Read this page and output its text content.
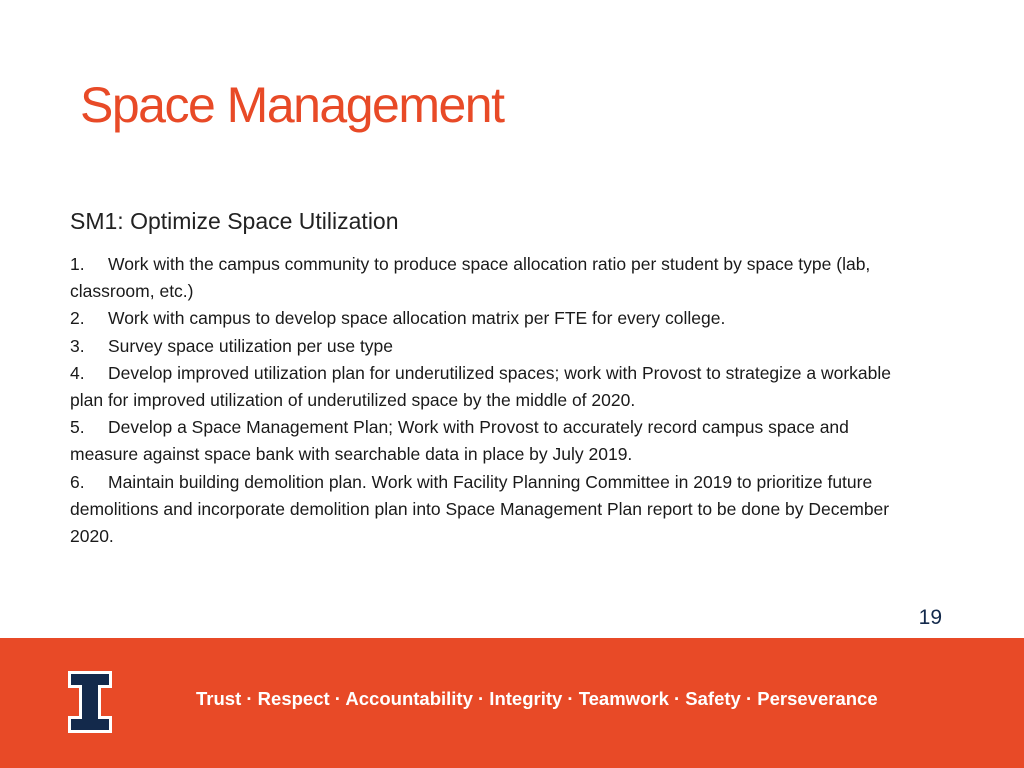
Space Management
SM1: Optimize Space Utilization

1. Work with the campus community to produce space allocation ratio per student by space type (lab, classroom, etc.)

2. Work with campus to develop space allocation matrix per FTE for every college.

3. Survey space utilization per use type

4. Develop improved utilization plan for underutilized spaces; work with Provost to strategize a workable plan for improved utilization of underutilized space by the middle of 2020.

5. Develop a Space Management Plan; Work with Provost to accurately record campus space and measure against space bank with searchable data in place by July 2019.

6. Maintain building demolition plan. Work with Facility Planning Committee in 2019 to prioritize future demolitions and incorporate demolition plan into Space Management Plan report to be done by December 2020.

19
Trust · Respect · Accountability · Integrity · Teamwork · Safety · Perseverance
